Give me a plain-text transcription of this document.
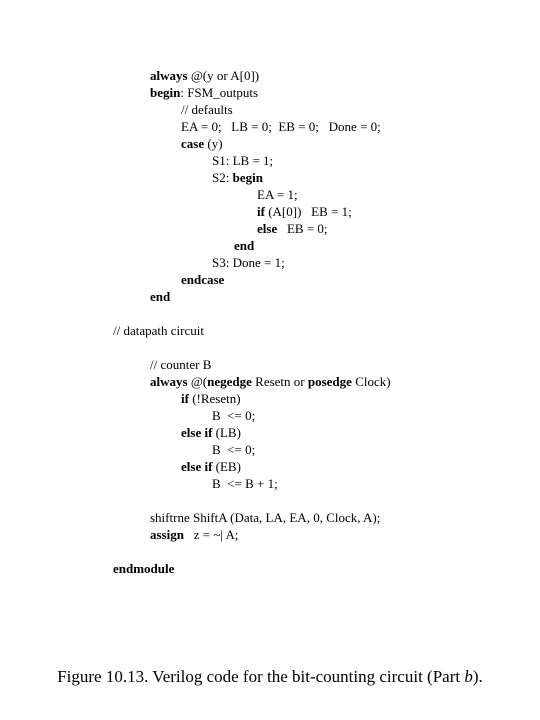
always @(y or A[0])
begin: FSM_outputs
// defaults
EA = 0;   LB = 0;  EB = 0;   Done = 0;
case (y)
S1: LB = 1;
S2: begin
EA = 1;
if (A[0])   EB = 1;
else   EB = 0;
end
S3: Done = 1;
endcase
end
// datapath circuit
// counter B
always @(negedge Resetn or posedge Clock)
if (!Resetn)
B  <= 0;
else if (LB)
B  <= 0;
else if (EB)
B  <= B + 1;
shiftrne ShiftA (Data, LA, EA, 0, Clock, A);
assign   z = ~| A;
endmodule
Figure 10.13. Verilog code for the bit-counting circuit (Part b).
